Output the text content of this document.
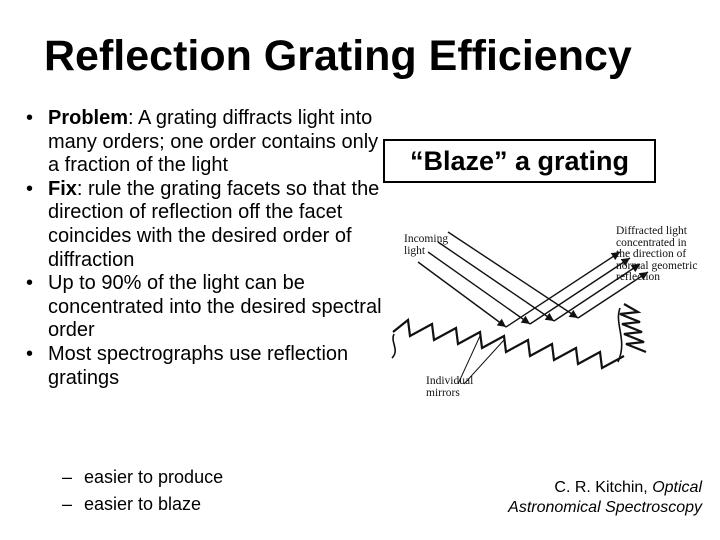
Reflection Grating Efficiency
• Problem: A grating diffracts light into many orders; one order contains only a fraction of the light
• Fix: rule the grating facets so that the direction of reflection off the facet coincides with the desired order of diffraction
• Up to 90% of the light can be concentrated into the desired spectral order
• Most spectrographs use reflection gratings
– easier to produce
– easier to blaze
“Blaze” a grating
Incoming
light
Diffracted light
concentrated in
the direction of
normal geometric
reflection
Individual
mirrors
C. R. Kitchin, Optical
Astronomical Spectroscopy
